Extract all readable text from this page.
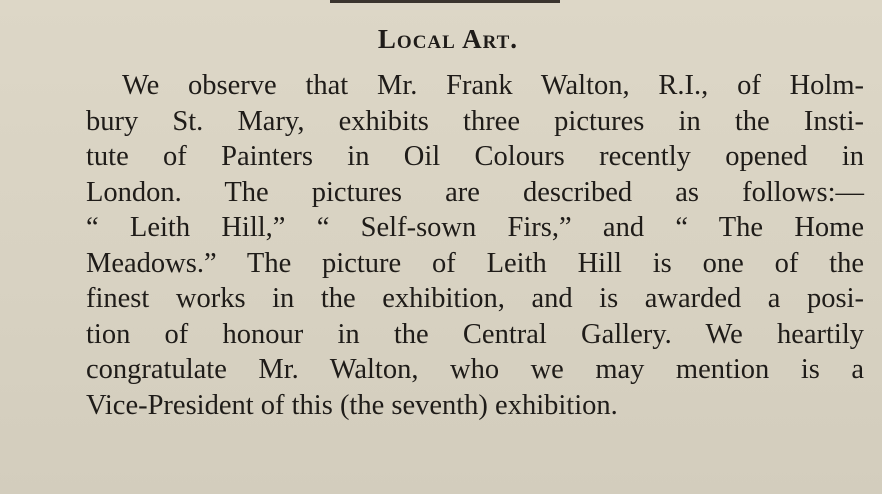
Local Art.
We observe that Mr. Frank Walton, R.I., of Holm-
bury St. Mary, exhibits three pictures in the Insti-
tute of Painters in Oil Colours recently opened in
London. The pictures are described as follows:—
“ Leith Hill,” “ Self-sown Firs,” and “ The Home
Meadows.” The picture of Leith Hill is one of the
finest works in the exhibition, and is awarded a posi-
tion of honour in the Central Gallery. We heartily
congratulate Mr. Walton, who we may mention is a
Vice-President of this (the seventh) exhibition.
